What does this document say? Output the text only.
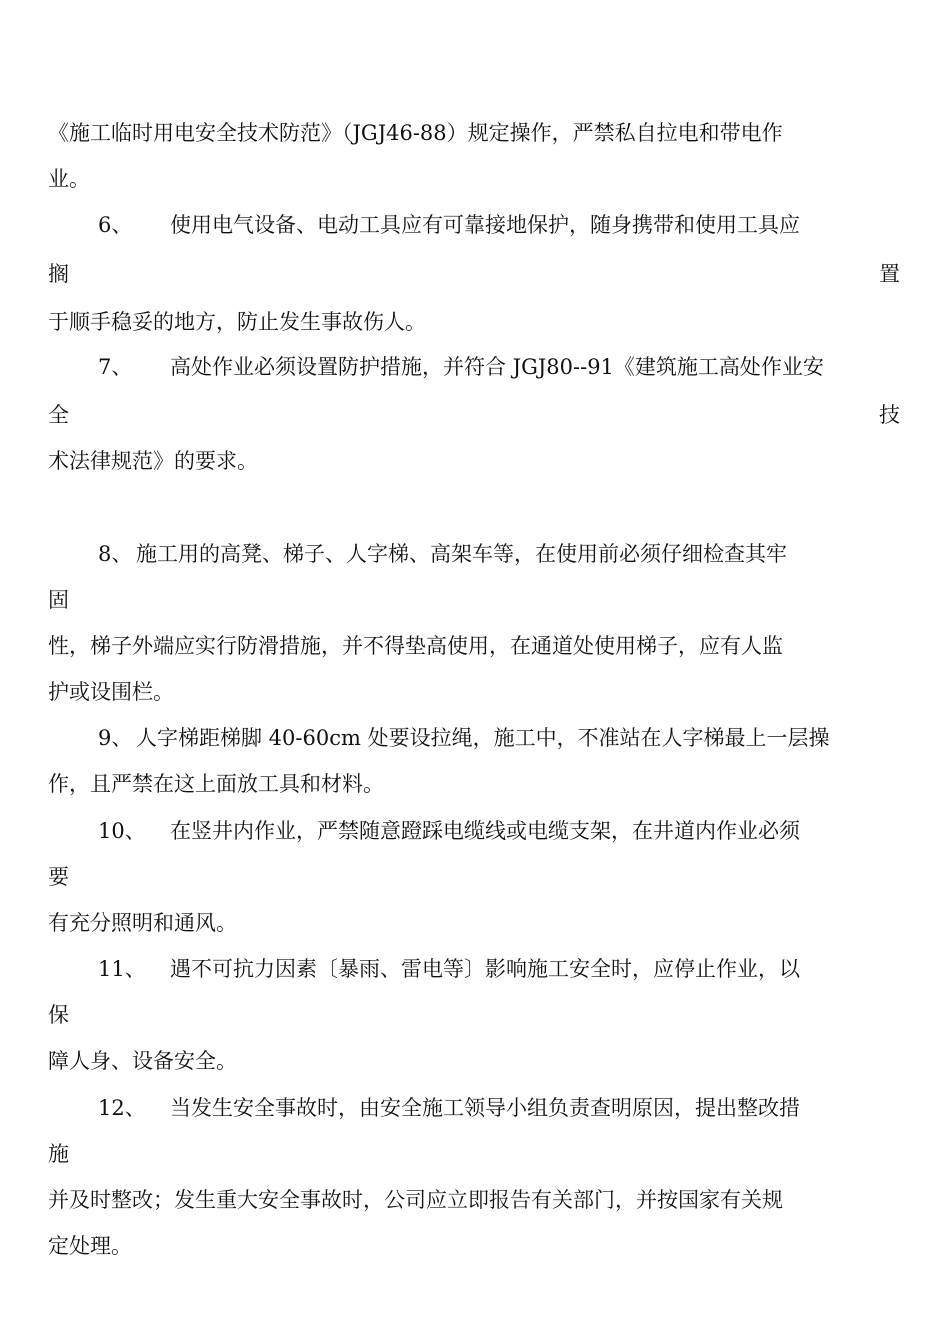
《施工临时用电安全技术防范》（JGJ46-88）规定操作，严禁私自拉电和带电作
业。
6、 使用电气设备、电动工具应有可靠接地保护，随身携带和使用工具应
搁	置
于顺手稳妥的地方，防止发生事故伤人。
7、 高处作业必须设置防护措施，并符合 JGJ80--91《建筑施工高处作业安
全	技
术法律规范》的要求。
8、 施工用的高凳、梯子、人字梯、高架车等，在使用前必须仔细检查其牢
固
性，梯子外端应实行防滑措施，并不得垫高使用，在通道处使用梯子，应有人监
护或设围栏。
9、 人字梯距梯脚 40-60cm 处要设拉绳，施工中，不准站在人字梯最上一层操
作，且严禁在这上面放工具和材料。
10、 在竖井内作业，严禁随意蹬踩电缆线或电缆支架，在井道内作业必须
要
有充分照明和通风。
11、 遇不可抗力因素〔暴雨、雷电等〕影响施工安全时，应停止作业，以
保
障人身、设备安全。
12、 当发生安全事故时，由安全施工领导小组负责查明原因，提出整改措
施
并及时整改；发生重大安全事故时，公司应立即报告有关部门，并按国家有关规
定处理。
